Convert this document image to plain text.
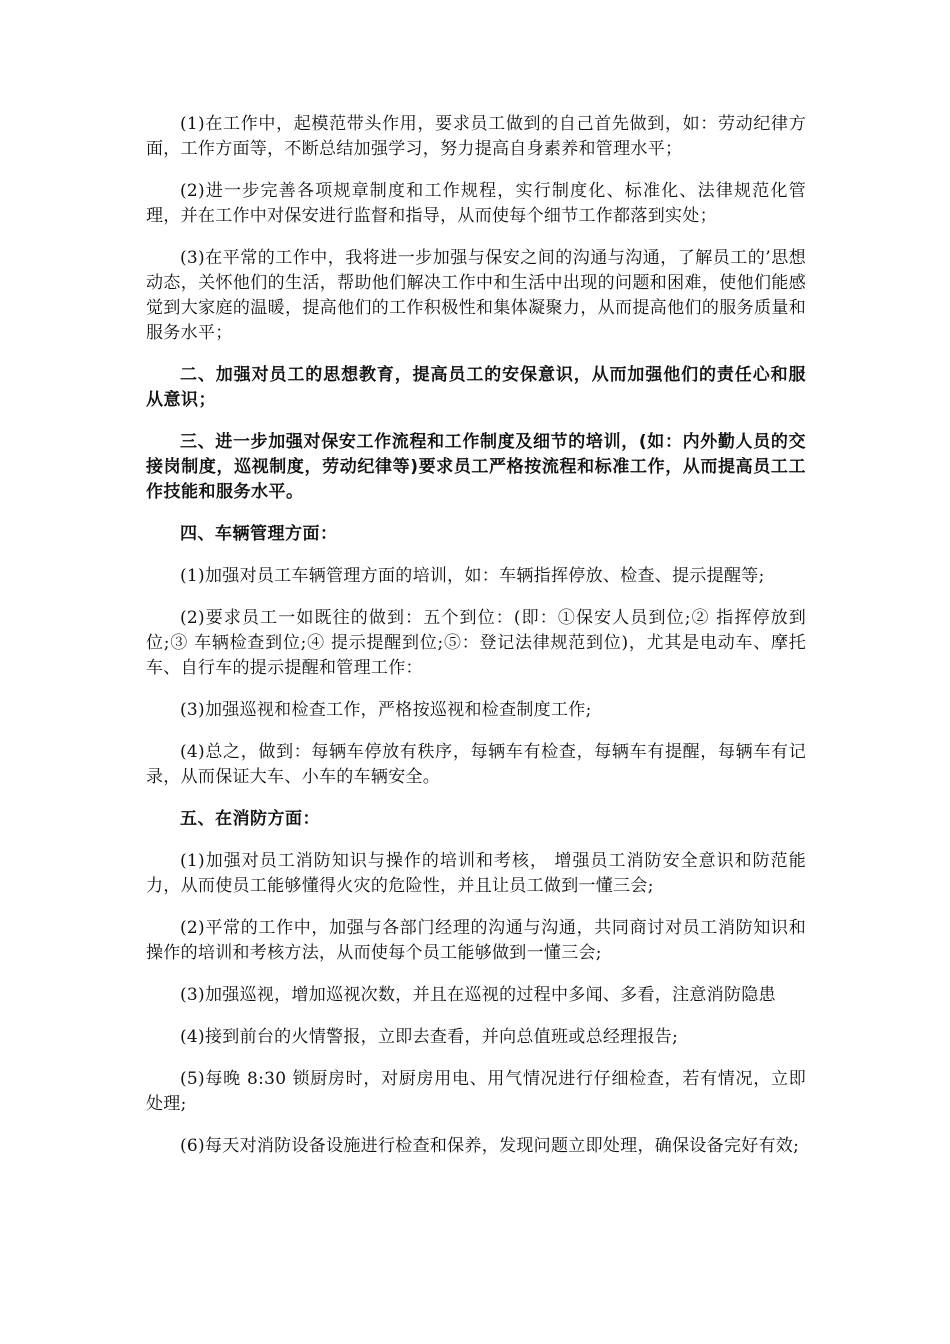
(1)在工作中，起模范带头作用，要求员工做到的自己首先做到，如：劳动纪律方面，工作方面等，不断总结加强学习，努力提高自身素养和管理水平；

(2)进一步完善各项规章制度和工作规程，实行制度化、标准化、法律规范化管理，并在工作中对保安进行监督和指导，从而使每个细节工作都落到实处；

(3)在平常的工作中，我将进一步加强与保安之间的沟通与沟通，了解员工的’思想动态，关怀他们的生活，帮助他们解决工作中和生活中出现的问题和困难，使他们能感觉到大家庭的温暖，提高他们的工作积极性和集体凝聚力，从而提高他们的服务质量和服务水平；

二、加强对员工的思想教育，提高员工的安保意识，从而加强他们的责任心和服从意识；

三、进一步加强对保安工作流程和工作制度及细节的培训，(如：内外勤人员的交接岗制度，巡视制度，劳动纪律等)要求员工严格按流程和标准工作，从而提高员工工作技能和服务水平。

四、车辆管理方面：

(1)加强对员工车辆管理方面的培训，如：车辆指挥停放、检查、提示提醒等;

(2)要求员工一如既往的做到：五个到位：(即：①保安人员到位;② 指挥停放到位;③ 车辆检查到位;④ 提示提醒到位;⑤：登记法律规范到位)，尤其是电动车、摩托车、自行车的提示提醒和管理工作：

(3)加强巡视和检查工作，严格按巡视和检查制度工作;

(4)总之，做到：每辆车停放有秩序，每辆车有检查，每辆车有提醒，每辆车有记录，从而保证大车、小车的车辆安全。

五、在消防方面：

(1)加强对员工消防知识与操作的培训和考核， 增强员工消防安全意识和防范能力，从而使员工能够懂得火灾的危险性，并且让员工做到一懂三会;

(2)平常的工作中，加强与各部门经理的沟通与沟通，共同商讨对员工消防知识和操作的培训和考核方法，从而使每个员工能够做到一懂三会;

(3)加强巡视，增加巡视次数，并且在巡视的过程中多闻、多看，注意消防隐患

(4)接到前台的火情警报，立即去查看，并向总值班或总经理报告;

(5)每晚 8:30 锁厨房时，对厨房用电、用气情况进行仔细检查，若有情况，立即处理;

(6)每天对消防设备设施进行检查和保养，发现问题立即处理，确保设备完好有效;
